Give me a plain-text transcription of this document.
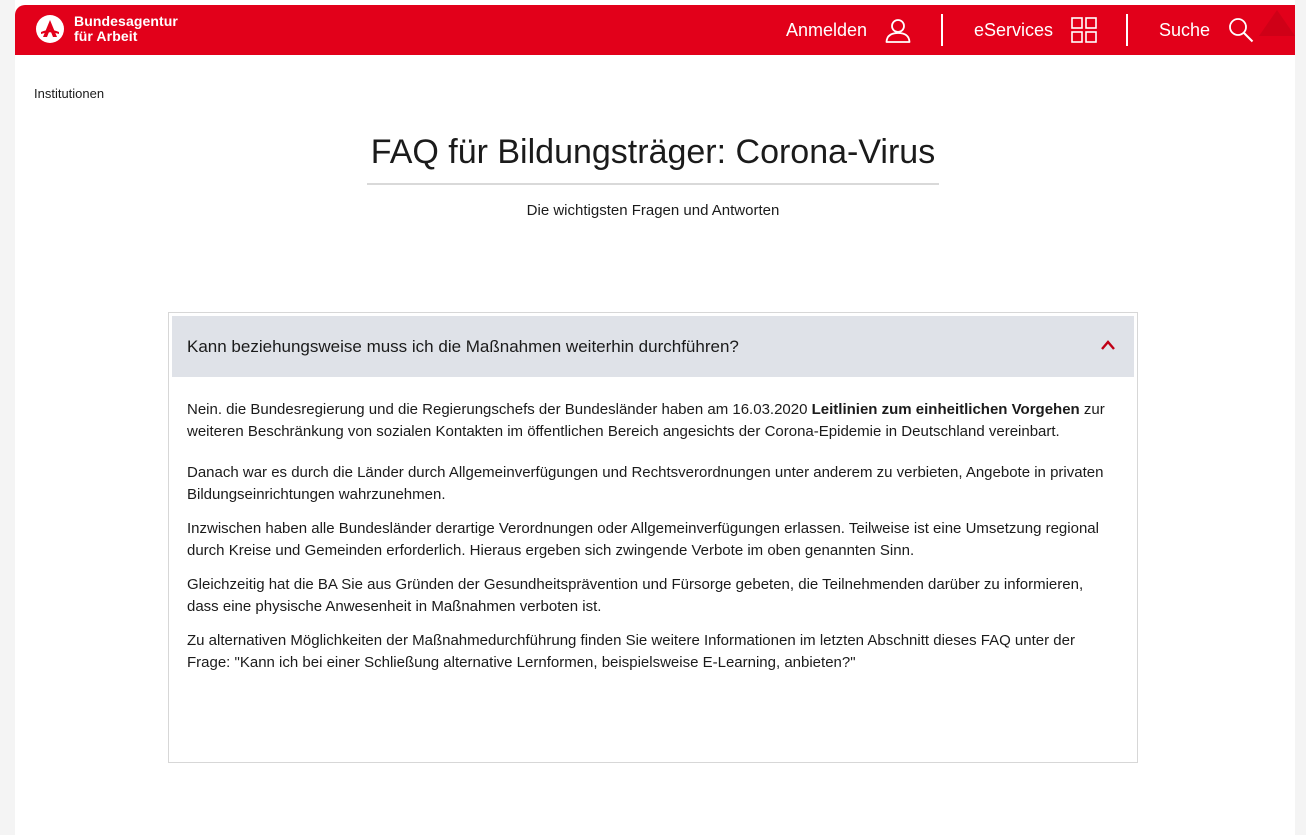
Bundesagentur
für Arbeit	Anmelden	eServices	Suche
Institutionen
FAQ für Bildungsträger: Corona-Virus
Die wichtigsten Fragen und Antworten
Kann beziehungsweise muss ich die Maßnahmen weiterhin durchführen?

Nein. die Bundesregierung und die Regierungschefs der Bundesländer haben am 16.03.2020 Leitlinien zum einheitlichen Vorgehen zur weiteren Beschränkung von sozialen Kontakten im öffentlichen Bereich angesichts der Corona-Epidemie in Deutschland vereinbart.

Danach war es durch die Länder durch Allgemeinverfügungen und Rechtsverordnungen unter anderem zu verbieten, Angebote in privaten Bildungseinrichtungen wahrzunehmen.

Inzwischen haben alle Bundesländer derartige Verordnungen oder Allgemeinverfügungen erlassen. Teilweise ist eine Umsetzung regional durch Kreise und Gemeinden erforderlich. Hieraus ergeben sich zwingende Verbote im oben genannten Sinn.

Gleichzeitig hat die BA Sie aus Gründen der Gesundheitsprävention und Fürsorge gebeten, die Teilnehmenden darüber zu informieren, dass eine physische Anwesenheit in Maßnahmen verboten ist.

Zu alternativen Möglichkeiten der Maßnahmedurchführung finden Sie weitere Informationen im letzten Abschnitt dieses FAQ unter der Frage: "Kann ich bei einer Schließung alternative Lernformen, beispielsweise E-Learning, anbieten?"
